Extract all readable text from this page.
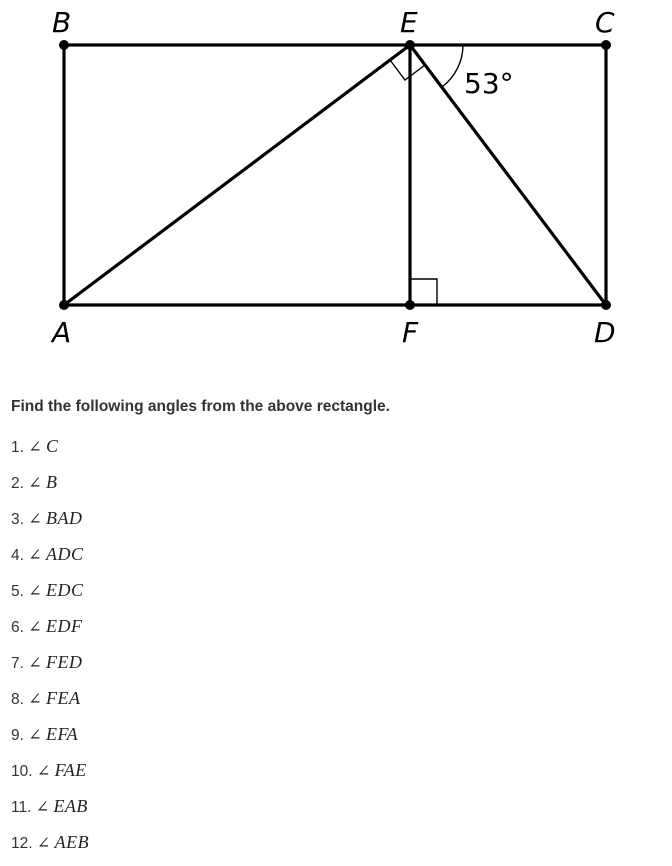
B	E	C
A	F	D
53°

Find the following angles from the above rectangle.

1. ∠ C
2. ∠ B
3. ∠ BAD
4. ∠ ADC
5. ∠ EDC
6. ∠ EDF
7. ∠ FED
8. ∠ FEA
9. ∠ EFA
10. ∠ FAE
11. ∠ EAB
12. ∠ AEB
